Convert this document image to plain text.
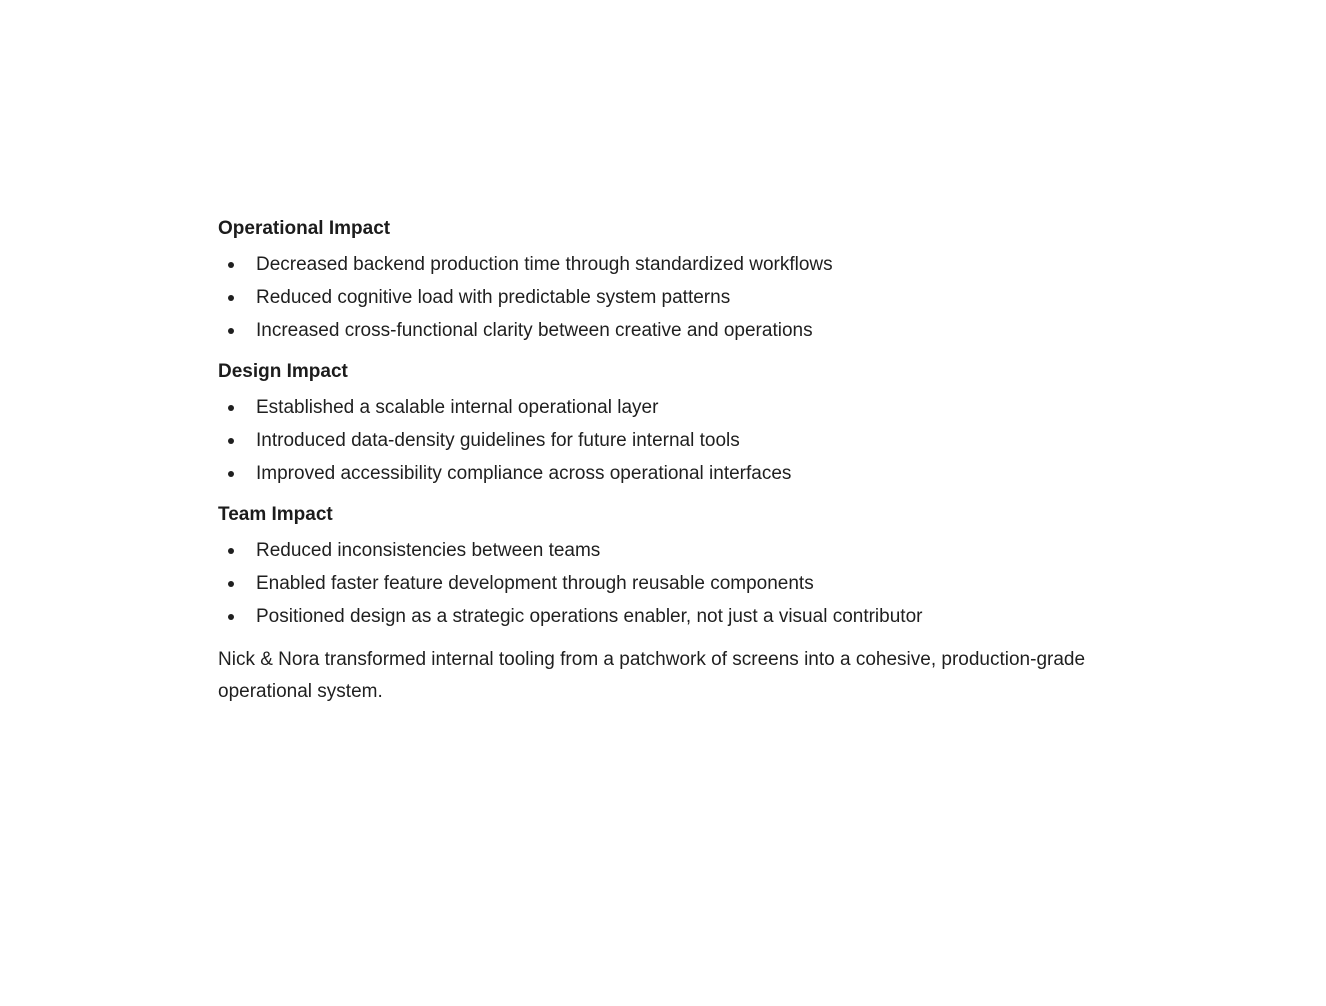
Operational Impact
Decreased backend production time through standardized workflows
Reduced cognitive load with predictable system patterns
Increased cross-functional clarity between creative and operations
Design Impact
Established a scalable internal operational layer
Introduced data-density guidelines for future internal tools
Improved accessibility compliance across operational interfaces
Team Impact
Reduced inconsistencies between teams
Enabled faster feature development through reusable components
Positioned design as a strategic operations enabler, not just a visual contributor

Nick & Nora transformed internal tooling from a patchwork of screens into a cohesive, production-grade operational system.
